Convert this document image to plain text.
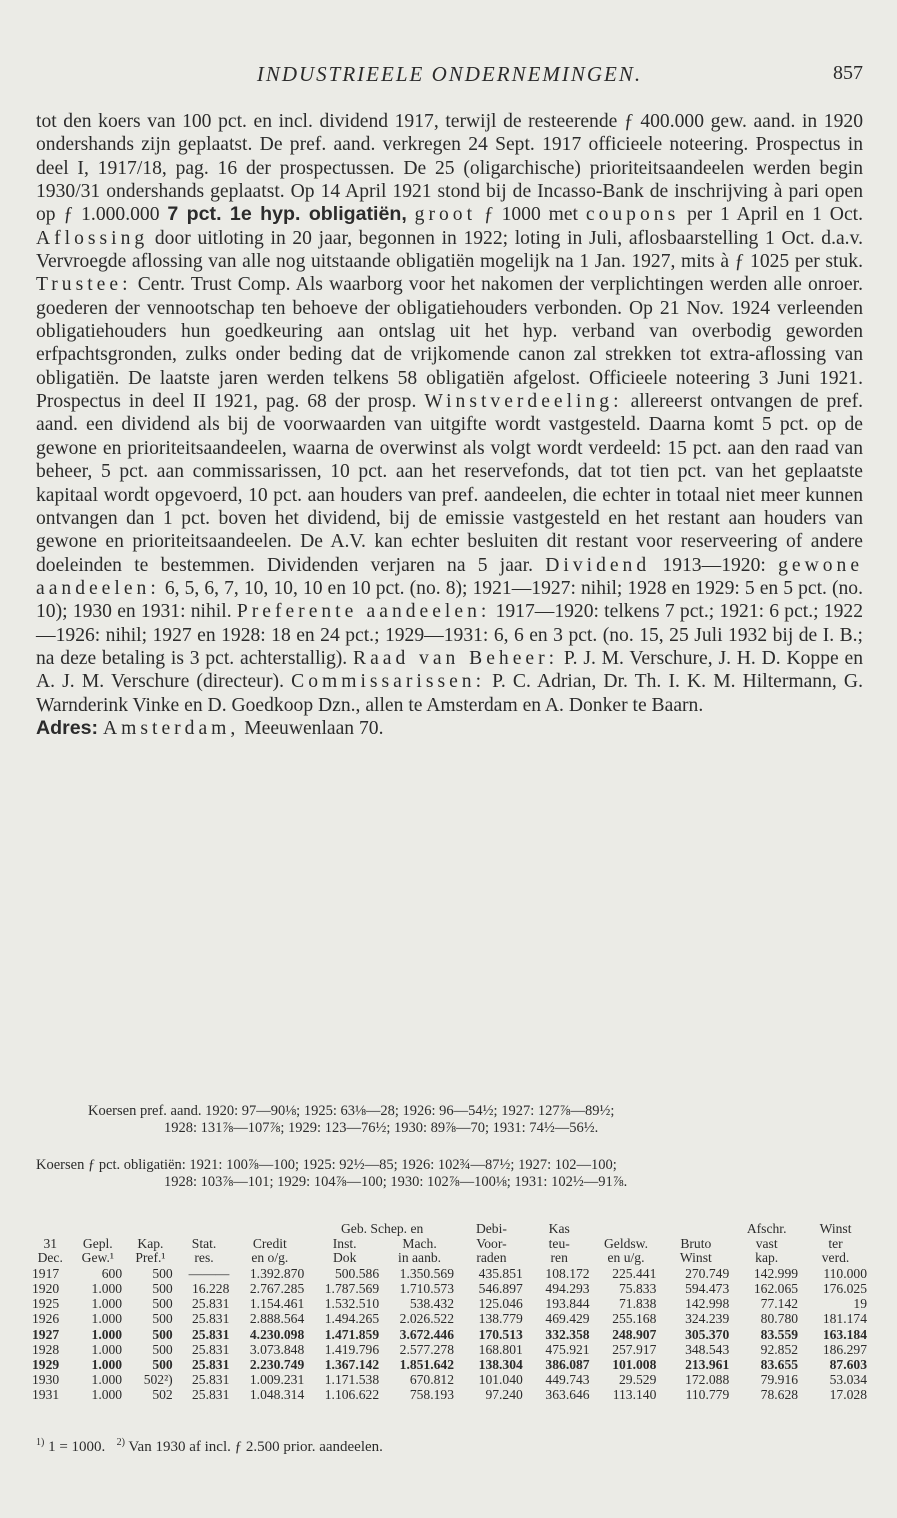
INDUSTRIEELE ONDERNEMINGEN.	857
tot den koers van 100 pct. en incl. dividend 1917, terwijl de resteerende ƒ 400.000 gew. aand. in 1920 ondershands zijn geplaatst. De pref. aand. verkregen 24 Sept. 1917 officieele noteering. Prospectus in deel I, 1917/18, pag. 16 der prospectussen. De 25 (oligarchische) prioriteitsaandeelen werden begin 1930/31 ondershands geplaatst. Op 14 April 1921 stond bij de Incasso-Bank de inschrijving à pari open op ƒ 1.000.000 7 pct. 1e hyp. obligatiën, groot ƒ 1000 met coupons per 1 April en 1 Oct. Aflossing door uitloting in 20 jaar, begonnen in 1922; loting in Juli, aflosbaarstelling 1 Oct. d.a.v. Vervroegde aflossing van alle nog uitstaande obligatiën mogelijk na 1 Jan. 1927, mits à ƒ 1025 per stuk. Trustee: Centr. Trust Comp. Als waarborg voor het nakomen der verplichtingen werden alle onroer. goederen der vennootschap ten behoeve der obligatiehouders verbonden. Op 21 Nov. 1924 verleenden obligatiehouders hun goedkeuring aan ontslag uit het hyp. verband van overbodig geworden erfpachtsgronden, zulks onder beding dat de vrijkomende canon zal strekken tot extra-aflossing van obligatiën. De laatste jaren werden telkens 58 obligatiën afgelost. Officieele noteering 3 Juni 1921. Prospectus in deel II 1921, pag. 68 der prosp. Winstverdeeling: allereerst ontvangen de pref. aand. een dividend als bij de voorwaarden van uitgifte wordt vastgesteld. Daarna komt 5 pct. op de gewone en prioriteitsaandeelen, waarna de overwinst als volgt wordt verdeeld: 15 pct. aan den raad van beheer, 5 pct. aan commissarissen, 10 pct. aan het reservefonds, dat tot tien pct. van het geplaatste kapitaal wordt opgevoerd, 10 pct. aan houders van pref. aandeelen, die echter in totaal niet meer kunnen ontvangen dan 1 pct. boven het dividend, bij de emissie vastgesteld en het restant aan houders van gewone en prioriteitsaandeelen. De A.V. kan echter besluiten dit restant voor reserveering of andere doeleinden te bestemmen. Dividenden verjaren na 5 jaar. Dividend 1913—1920: gewone aandeelen: 6, 5, 6, 7, 10, 10, 10 en 10 pct. (no. 8); 1921—1927: nihil; 1928 en 1929: 5 en 5 pct. (no. 10); 1930 en 1931: nihil. Preferente aandeelen: 1917—1920: telkens 7 pct.; 1921: 6 pct.; 1922—1926: nihil; 1927 en 1928: 18 en 24 pct.; 1929—1931: 6, 6 en 3 pct. (no. 15, 25 Juli 1932 bij de I. B.; na deze betaling is 3 pct. achterstallig). Raad van Beheer: P. J. M. Verschure, J. H. D. Koppe en A. J. M. Verschure (directeur). Commissarissen: P. C. Adrian, Dr. Th. I. K. M. Hiltermann, G. Warnderink Vinke en D. Goedkoop Dzn., allen te Amsterdam en A. Donker te Baarn.
Adres: Amsterdam, Meeuwenlaan 70.
Koersen pref. aand. 1920: 97—90⅛; 1925: 63⅛—28; 1926: 96—54½; 1927: 127⅞—89½;
1928: 131⅞—107⅞; 1929: 123—76½; 1930: 89⅞—70; 1931: 74½—56½.
Koersen ƒ pct. obligatiën: 1921: 100⅞—100; 1925: 92½—85; 1926: 102¾—87½; 1927: 102—100;
1928: 103⅞—101; 1929: 104⅞—100; 1930: 102⅞—100⅛; 1931: 102½—91⅞.
					Geb. Schep. en		Debi-	Kas			Afschr.	Winst
31	Gepl.	Kap.	Stat.	Credit	Inst.	Mach.	Voor-	teu-	Geldsw.	Bruto	vast	ter
Dec.	Gew.¹	Pref.¹	res.	en o/g.	Dok	in aanb.	raden	ren	en u/g.	Winst	kap.	verd.
1917	600	500	———	1.392.870	500.586	1.350.569	435.851	108.172	225.441	270.749	142.999	110.000
1920	1.000	500	16.228	2.767.285	1.787.569	1.710.573	546.897	494.293	75.833	594.473	162.065	176.025
1925	1.000	500	25.831	1.154.461	1.532.510	538.432	125.046	193.844	71.838	142.998	77.142	19
1926	1.000	500	25.831	2.888.564	1.494.265	2.026.522	138.779	469.429	255.168	324.239	80.780	181.174
1927	1.000	500	25.831	4.230.098	1.471.859	3.672.446	170.513	332.358	248.907	305.370	83.559	163.184
1928	1.000	500	25.831	3.073.848	1.419.796	2.577.278	168.801	475.921	257.917	348.543	92.852	186.297
1929	1.000	500	25.831	2.230.749	1.367.142	1.851.642	138.304	386.087	101.008	213.961	83.655	87.603
1930	1.000	502²)	25.831	1.009.231	1.171.538	670.812	101.040	449.743	29.529	172.088	79.916	53.034
1931	1.000	502	25.831	1.048.314	1.106.622	758.193	97.240	363.646	113.140	110.779	78.628	17.028
$^{1)}$ 1 = 1000. $^{2)}$ Van 1930 af incl. ƒ 2.500 prior. aandeelen.
